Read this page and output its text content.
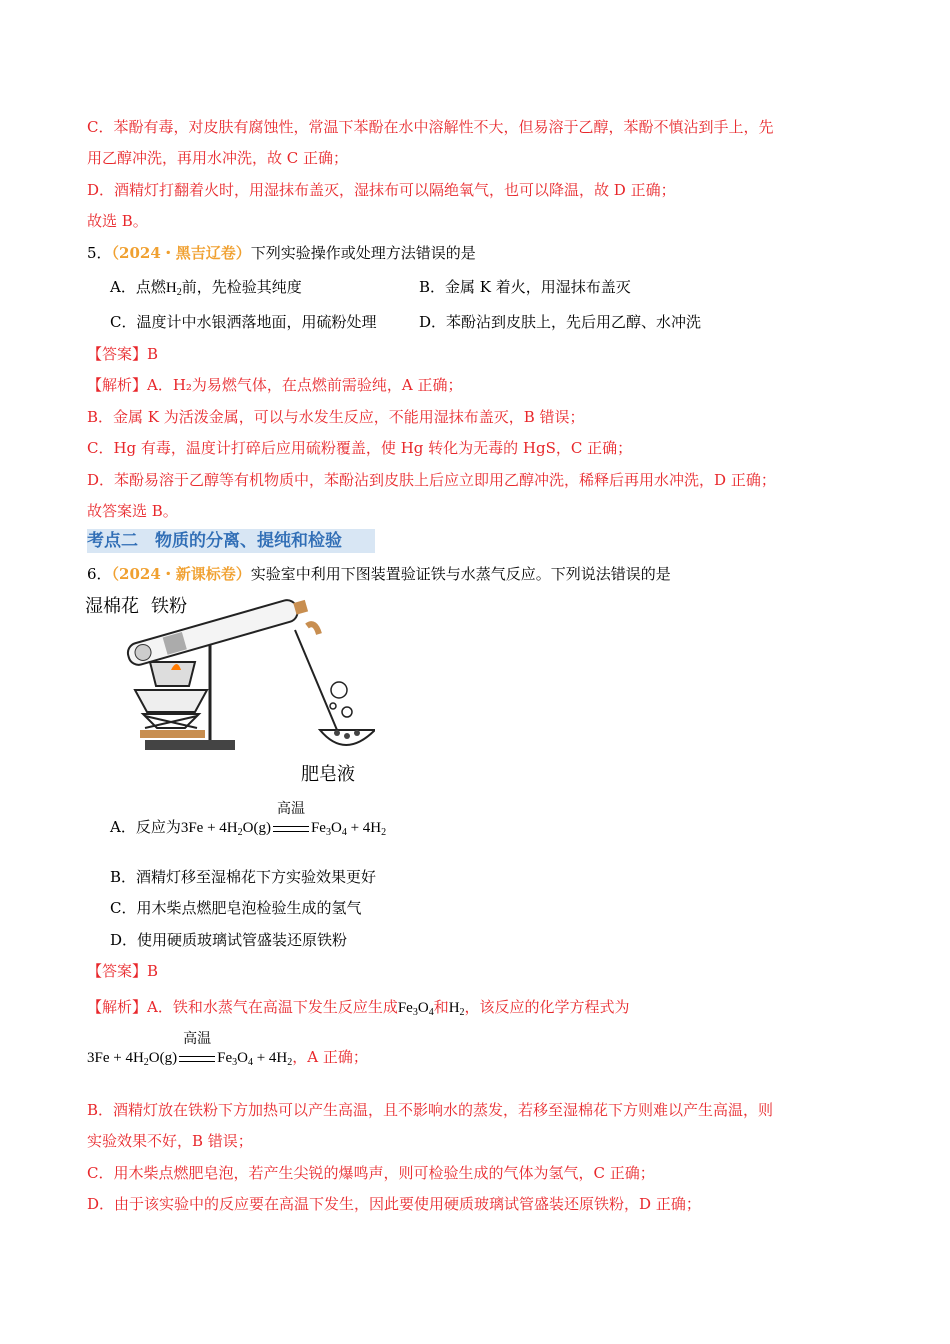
C．苯酚有毒，对皮肤有腐蚀性，常温下苯酚在水中溶解性不大，但易溶于乙醇，苯酚不慎沾到手上，先
用乙醇冲洗，再用水冲洗，故 C 正确；
D．酒精灯打翻着火时，用湿抹布盖灭，湿抹布可以隔绝氧气，也可以降温，故 D 正确；
故选 B。
5．（2024・黑吉辽卷）下列实验操作或处理方法错误的是
A．点燃$H_2$前，先检验其纯度	B．金属 K 着火，用湿抹布盖灭
C．温度计中水银洒落地面，用硫粉处理	D．苯酚沾到皮肤上，先后用乙醇、水冲洗
【答案】B
【解析】A．H₂为易燃气体，在点燃前需验纯，A 正确；
B．金属 K 为活泼金属，可以与水发生反应，不能用湿抹布盖灭，B 错误；
C．Hg 有毒，温度计打碎后应用硫粉覆盖，使 Hg 转化为无毒的 HgS，C 正确；
D．苯酚易溶于乙醇等有机物质中，苯酚沾到皮肤上后应立即用乙醇冲洗，稀释后再用水冲洗，D 正确；
故答案选 B。
考点二　物质的分离、提纯和检验
6．（2024・新课标卷）实验室中利用下图装置验证铁与水蒸气反应。下列说法错误的是
湿棉花 铁粉
肥皂液
A．反应为$3Fe + 4H_2O(g)$
高温
$Fe_3O_4 + 4H_2$
B．酒精灯移至湿棉花下方实验效果更好
C．用木柴点燃肥皂泡检验生成的氢气
D．使用硬质玻璃试管盛装还原铁粉
【答案】B
【解析】A．铁和水蒸气在高温下发生反应生成$Fe_3O_4$和$H_2$，该反应的化学方程式为
$3Fe + 4H_2O(g)$
高温
$Fe_3O_4 + 4H_2$，A 正确；
B．酒精灯放在铁粉下方加热可以产生高温，且不影响水的蒸发，若移至湿棉花下方则难以产生高温，则
实验效果不好，B 错误；
C．用木柴点燃肥皂泡，若产生尖锐的爆鸣声，则可检验生成的气体为氢气，C 正确；
D．由于该实验中的反应要在高温下发生，因此要使用硬质玻璃试管盛装还原铁粉，D 正确；
